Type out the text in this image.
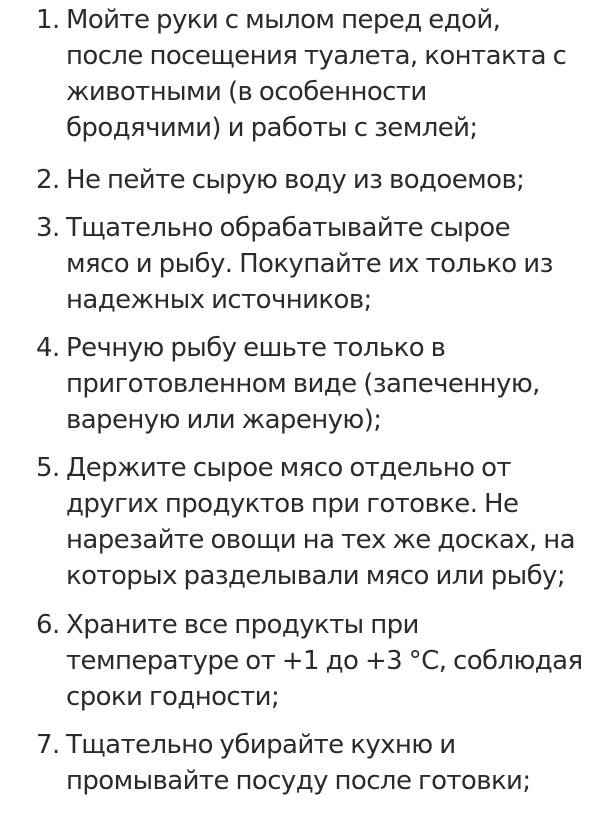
1. Мойте руки с мылом перед едой,
после посещения туалета, контакта с
животными (в особенности
бродячими) и работы с землей;
2. Не пейте сырую воду из водоемов;
3. Тщательно обрабатывайте сырое
мясо и рыбу. Покупайте их только из
надежных источников;
4. Речную рыбу ешьте только в
приготовленном виде (запеченную,
вареную или жареную);
5. Держите сырое мясо отдельно от
других продуктов при готовке. Не
нарезайте овощи на тех же досках, на
которых разделывали мясо или рыбу;
6. Храните все продукты при
температуре от +1 до +3 °С, соблюдая
сроки годности;
7. Тщательно убирайте кухню и
промывайте посуду после готовки;
